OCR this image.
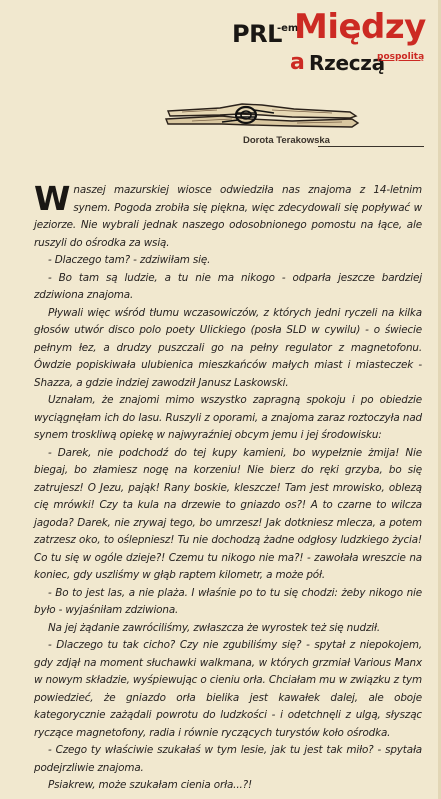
PRL
-em
Między
a Rzeczą
pospolitą
Dorota Terakowska

Wnaszej mazurskiej wiosce odwiedziła nas znajoma z 14-letnim synem. Pogoda zrobiła się piękna, więc zdecydowali się popływać w jeziorze. Nie wybrali jednak naszego odosobnionego pomostu na łące, ale ruszyli do ośrodka za wsią.

- Dlaczego tam? - zdziwiłam się.

- Bo tam są ludzie, a tu nie ma nikogo - odparła jeszcze bardziej zdziwiona znajoma.

Pływali więc wśród tłumu wczasowiczów, z których jedni ryczeli na kilka głosów utwór disco polo poety Ulickiego (posła SLD w cywilu) - o świecie pełnym łez, a drudzy puszczali go na pełny regulator z magnetofonu. Ówdzie popiskiwała ulubienica mieszkańców małych miast i miasteczek - Shazza, a gdzie indziej zawodził Janusz Laskowski.

Uznałam, że znajomi mimo wszystko zapragną spokoju i po obiedzie wyciągnęłam ich do lasu. Ruszyli z oporami, a znajoma zaraz roztoczyła nad synem troskliwą opiekę w najwyraźniej obcym jemu i jej środowisku:

- Darek, nie podchodź do tej kupy kamieni, bo wypełznie żmija! Nie biegaj, bo złamiesz nogę na korzeniu! Nie bierz do ręki grzyba, bo się zatrujesz! O Jezu, pająk! Rany boskie, kleszcze! Tam jest mrowisko, oblezą cię mrówki! Czy ta kula na drzewie to gniazdo os?! A to czarne to wilcza jagoda? Darek, nie zrywaj tego, bo umrzesz! Jak dotkniesz mlecza, a potem zatrzesz oko, to oślepniesz! Tu nie dochodzą żadne odgłosy ludzkiego życia! Co tu się w ogóle dzieje?! Czemu tu nikogo nie ma?! - zawołała wreszcie na koniec, gdy uszliśmy w głąb raptem kilometr, a może pół.

- Bo to jest las, a nie plaża. I właśnie po to tu się chodzi: żeby nikogo nie było - wyjaśniłam zdziwiona.

Na jej żądanie zawróciliśmy, zwłaszcza że wyrostek też się nudził.

- Dlaczego tu tak cicho? Czy nie zgubiliśmy się? - spytał z niepokojem, gdy zdjął na moment słuchawki walkmana, w których grzmiał Various Manx w nowym składzie, wyśpiewując o cieniu orła. Chciałam mu w związku z tym powiedzieć, że gniazdo orła bielika jest kawałek dalej, ale oboje kategorycznie zażądali powrotu do ludzkości - i odetchnęli z ulgą, słysząc ryczące magnetofony, radia i równie ryczących turystów koło ośrodka.

- Czego ty właściwie szukałaś w tym lesie, jak tu jest tak miło? - spytała podejrzliwie znajoma.

Psiakrew, może szukałam cienia orła...?!
